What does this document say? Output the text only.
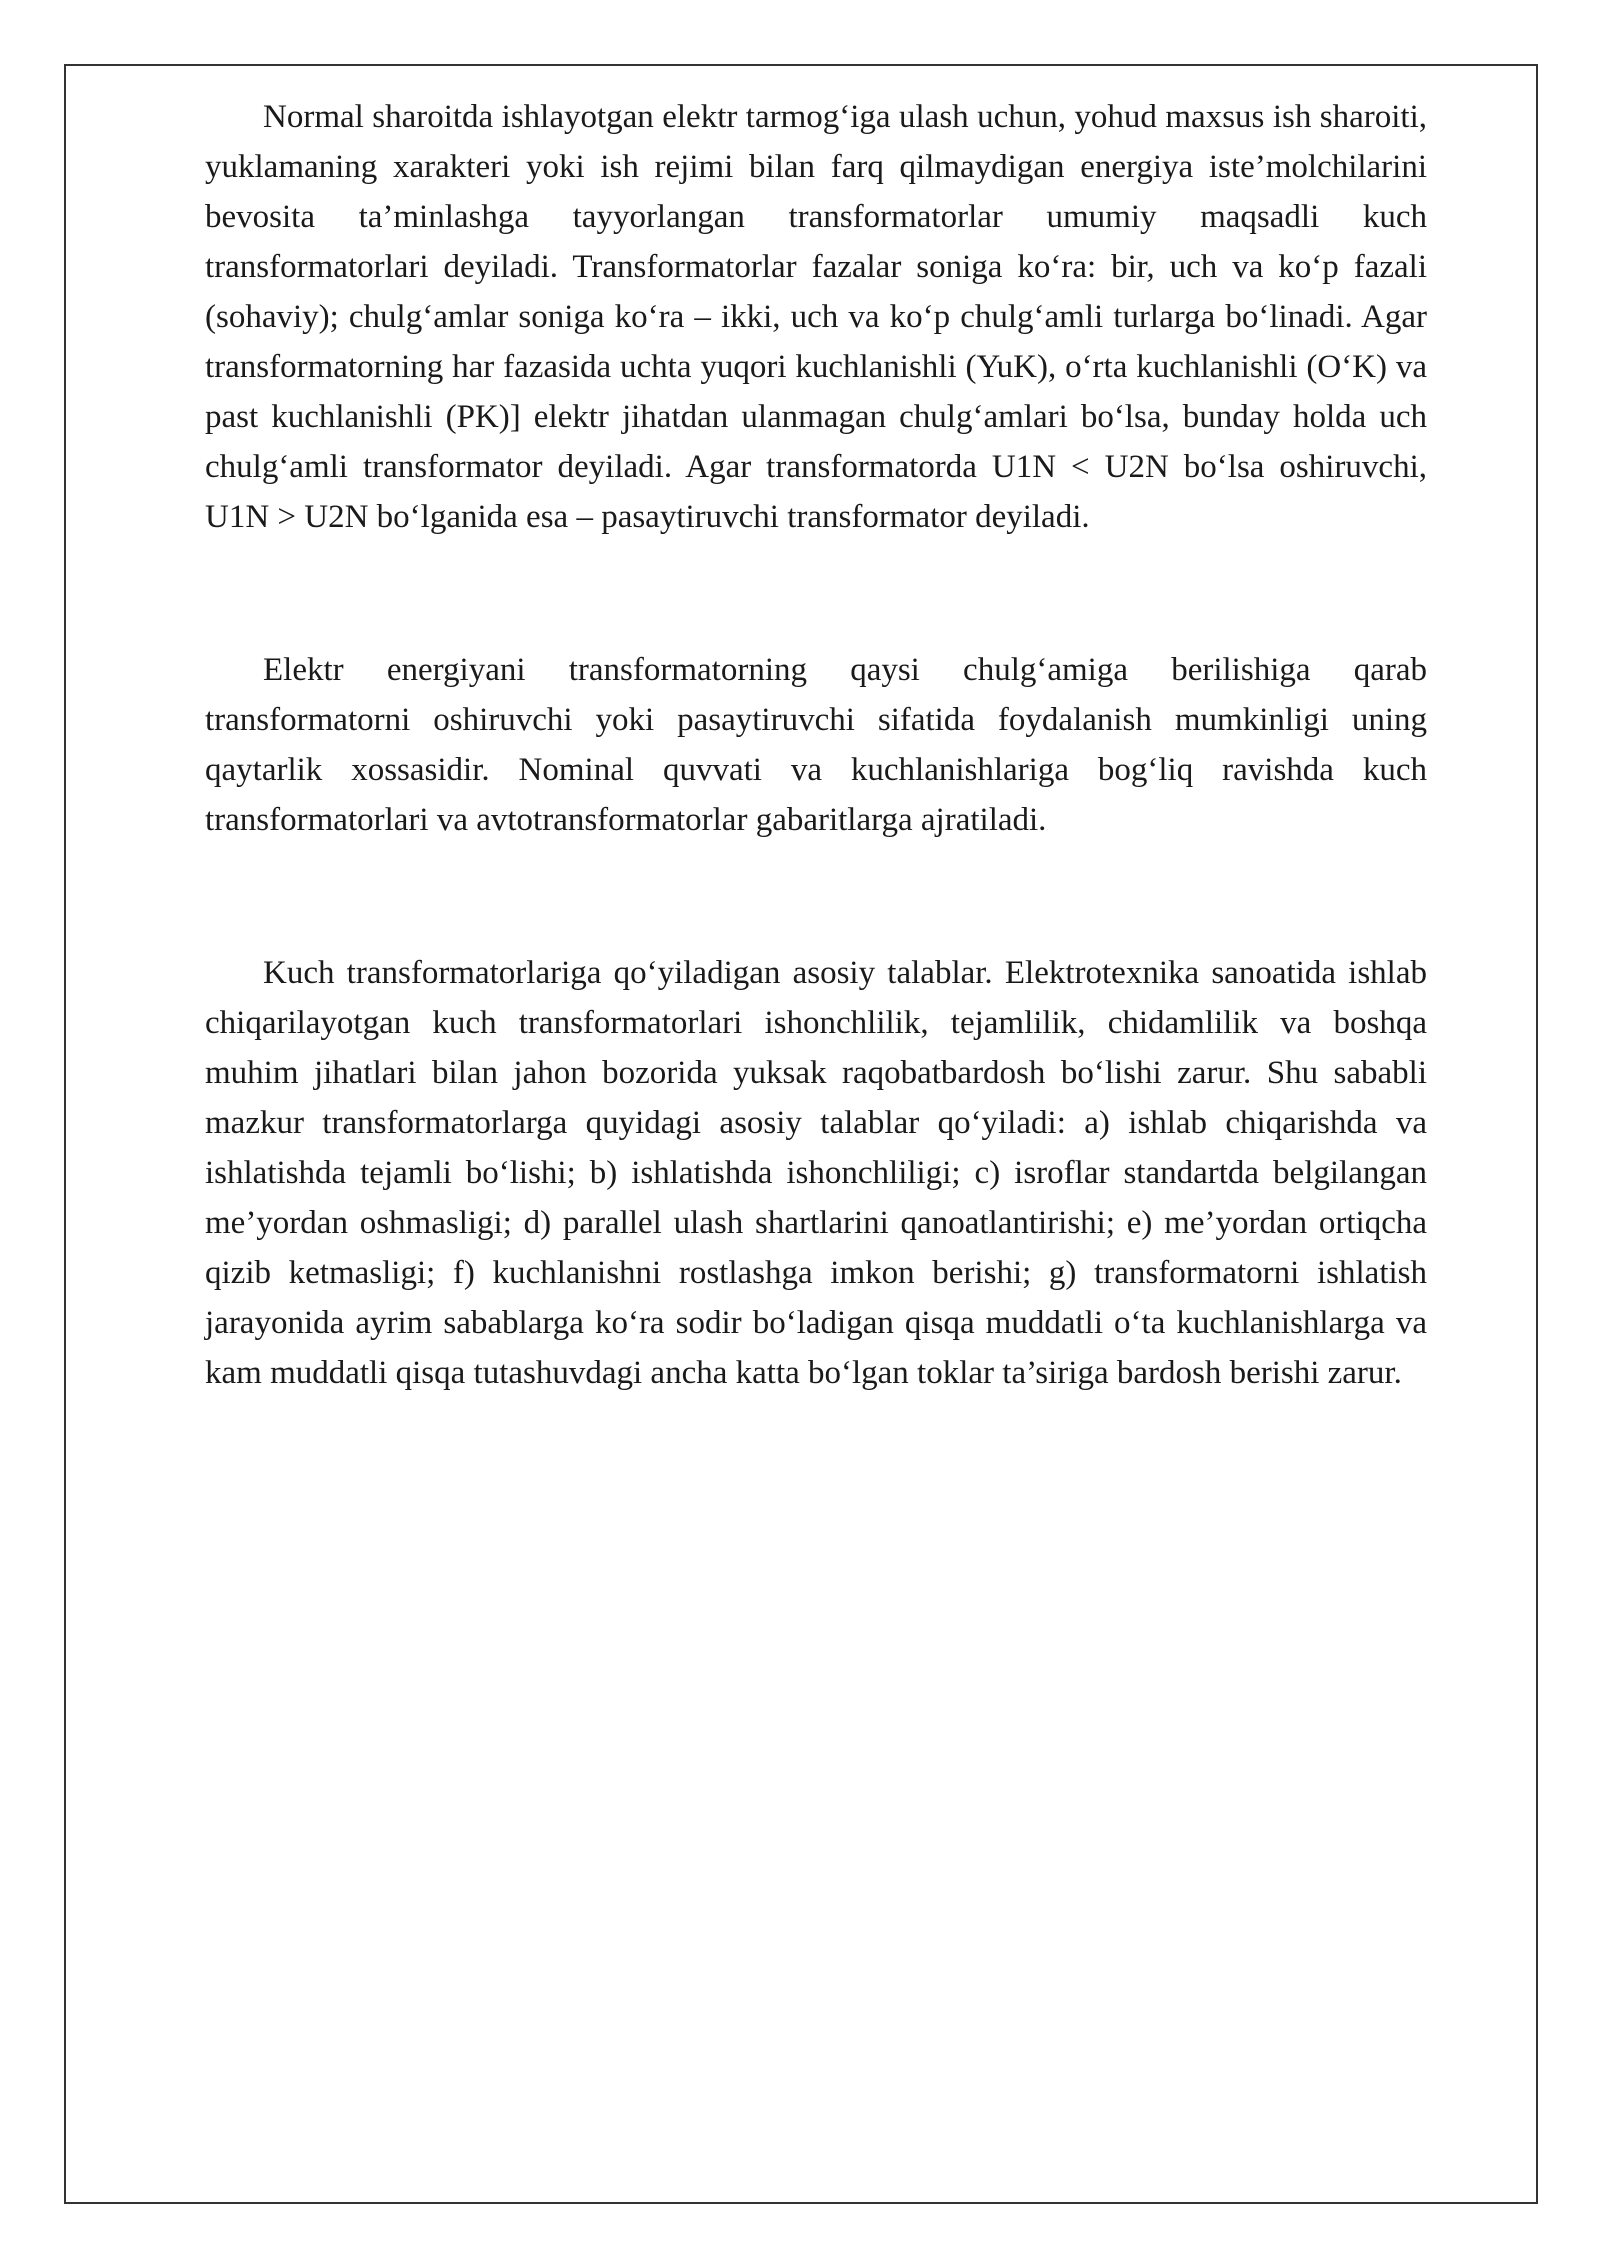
Normal sharoitda ishlayotgan elektr tarmog‘iga ulash uchun, yohud maxsus ish sharoiti, yuklamaning xarakteri yoki ish rejimi bilan farq qilmaydigan energiya iste’molchilarini bevosita ta’minlashga tayyorlangan transformatorlar umumiy maqsadli kuch transformatorlari deyiladi. Transformatorlar fazalar soniga ko‘ra: bir, uch va ko‘p fazali (sohaviy); chulg‘amlar soniga ko‘ra – ikki, uch va ko‘p chulg‘amli turlarga bo‘linadi. Agar transformatorning har fazasida uchta yuqori kuchlanishli (YuK), o‘rta kuchlanishli (O‘K) va past kuchlanishli (PK)] elektr jihatdan ulanmagan chulg‘amlari bo‘lsa, bunday holda uch chulg‘amli transformator deyiladi. Agar transformatorda U1N < U2N bo‘lsa oshiruvchi, U1N > U2N bo‘lganida esa – pasaytiruvchi transformator deyiladi.

Elektr energiyani transformatorning qaysi chulg‘amiga berilishiga qarab transformatorni oshiruvchi yoki pasaytiruvchi sifatida foydalanish mumkinligi uning qaytarlik xossasidir. Nominal quvvati va kuchlanishlariga bog‘liq ravishda kuch transformatorlari va avtotransformatorlar gabaritlarga ajratiladi.

Kuch transformatorlariga qo‘yiladigan asosiy talablar. Elektrotexnika sanoatida ishlab chiqarilayotgan kuch transformatorlari ishonchlilik, tejamlilik, chidamlilik va boshqa muhim jihatlari bilan jahon bozorida yuksak raqobatbardosh bo‘lishi zarur. Shu sababli mazkur transformatorlarga quyidagi asosiy talablar qo‘yiladi: a) ishlab chiqarishda va ishlatishda tejamli bo‘lishi; b) ishlatishda ishonchliligi; c) isroflar standartda belgilangan me’yordan oshmasligi; d) parallel ulash shartlarini qanoatlantirishi; e) me’yordan ortiqcha qizib ketmasligi; f) kuchlanishni rostlashga imkon berishi; g) transformatorni ishlatish jarayonida ayrim sabablarga ko‘ra sodir bo‘ladigan qisqa muddatli o‘ta kuchlanishlarga va kam muddatli qisqa tutashuvdagi ancha katta bo‘lgan toklar ta’siriga bardosh berishi zarur.
